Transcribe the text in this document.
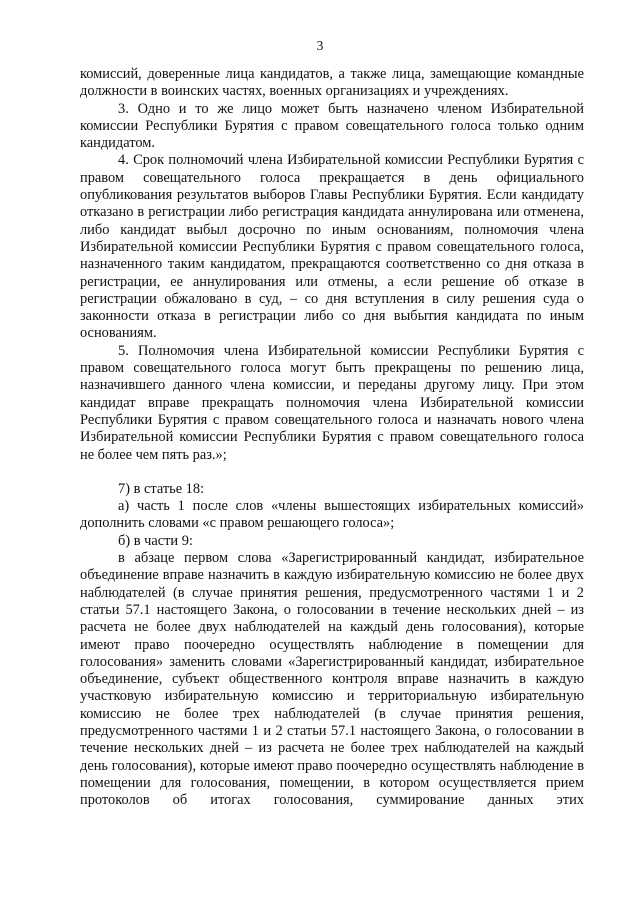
3

комиссий, доверенные лица кандидатов, а также лица, замещающие командные должности в воинских частях, военных организациях и учреждениях.

3. Одно и то же лицо может быть назначено членом Избирательной комиссии Республики Бурятия с правом совещательного голоса только одним кандидатом.

4. Срок полномочий члена Избирательной комиссии Республики Бурятия с правом совещательного голоса прекращается в день официального опубликования результатов выборов Главы Республики Бурятия. Если кандидату отказано в регистрации либо регистрация кандидата аннулирована или отменена, либо кандидат выбыл досрочно по иным основаниям, полномочия члена Избирательной комиссии Республики Бурятия с правом совещательного голоса, назначенного таким кандидатом, прекращаются соответственно со дня отказа в регистрации, ее аннулирования или отмены, а если решение об отказе в регистрации обжаловано в суд, – со дня вступления в силу решения суда о законности отказа в регистрации либо со дня выбытия кандидата по иным основаниям.

5. Полномочия члена Избирательной комиссии Республики Бурятия с правом совещательного голоса могут быть прекращены по решению лица, назначившего данного члена комиссии, и переданы другому лицу. При этом кандидат вправе прекращать полномочия члена Избирательной комиссии Республики Бурятия с правом совещательного голоса и назначать нового члена Избирательной комиссии Республики Бурятия с правом совещательного голоса не более чем пять раз.»;

7) в статье 18:

а) часть 1 после слов «члены вышестоящих избирательных комиссий» дополнить словами «с правом решающего голоса»;

б) в части 9:

в абзаце первом слова «Зарегистрированный кандидат, избирательное объединение вправе назначить в каждую избирательную комиссию не более двух наблюдателей (в случае принятия решения, предусмотренного частями 1 и 2 статьи 57.1 настоящего Закона, о голосовании в течение нескольких дней – из расчета не более двух наблюдателей на каждый день голосования), которые имеют право поочередно осуществлять наблюдение в помещении для голосования» заменить словами «Зарегистрированный кандидат, избирательное объединение, субъект общественного контроля вправе назначить в каждую участковую избирательную комиссию и территориальную избирательную комиссию не более трех наблюдателей (в случае принятия решения, предусмотренного частями 1 и 2 статьи 57.1 настоящего Закона, о голосовании в течение нескольких дней – из расчета не более трех наблюдателей на каждый день голосования), которые имеют право поочередно осуществлять наблюдение в помещении для голосования, помещении, в котором осуществляется прием протоколов об итогах голосования, суммирование данных этих
